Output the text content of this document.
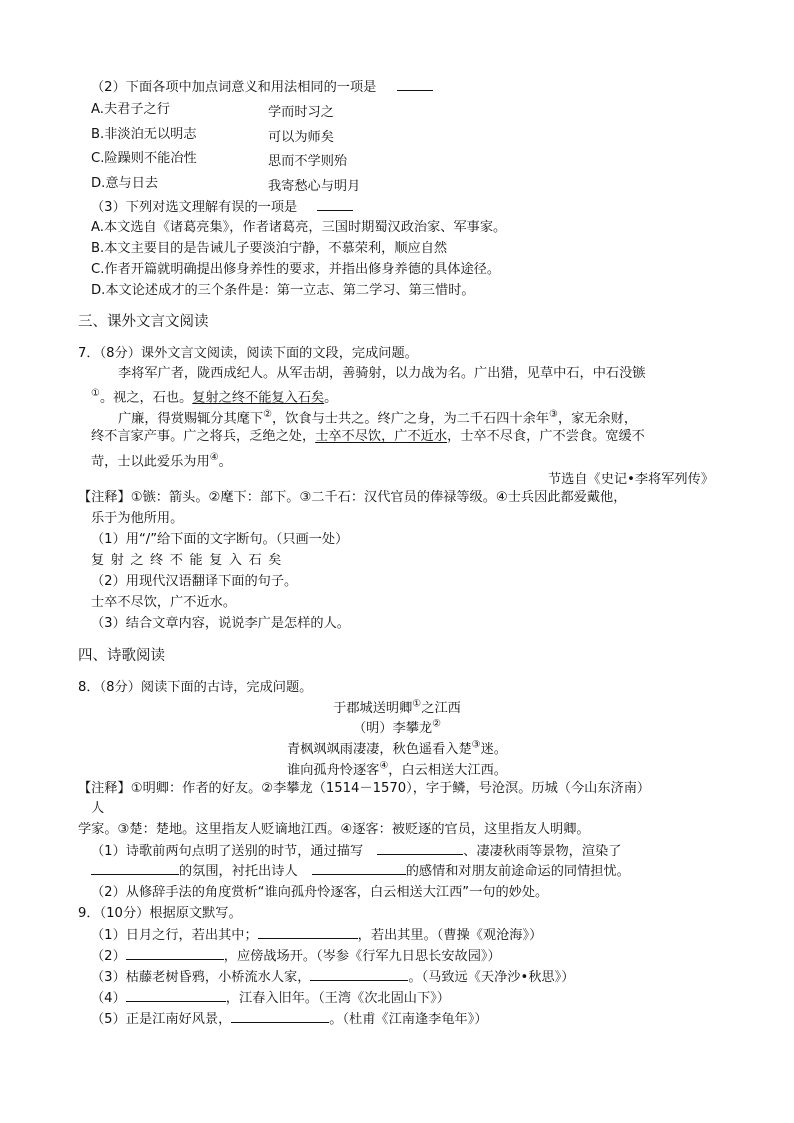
（2）下面各项中加点词意义和用法相同的一项是
A.夫君子之行	学而时习之
B.非淡泊无以明志	可以为师矣
C.险躁则不能冶性	思而不学则殆
D.意与日去	我寄愁心与明月
（3）下列对选文理解有误的一项是
A.本文选自《诸葛亮集》，作者诸葛亮，三国时期蜀汉政治家、军事家。
B.本文主要目的是告诫儿子要淡泊宁静，不慕荣利，顺应自然
C.作者开篇就明确提出修身养性的要求，并指出修身养德的具体途径。
D.本文论述成才的三个条件是：第一立志、第二学习、第三惜时。
三、课外文言文阅读
7．（8分）课外文言文阅读，阅读下面的文段，完成问题。
李将军广者，陇西成纪人。从军击胡，善骑射，以力战为名。广出猎，见草中石，中石没镞
①。视之，石也。复射之终不能复入石矣。
广廉，得赏赐辄分其麾下②，饮食与士共之。终广之身，为二千石四十余年③，家无余财，
终不言家产事。广之将兵，乏绝之处，士卒不尽饮，广不近水，士卒不尽食，广不尝食。宽缓不
苛，士以此爱乐为用④。
节选自《史记•李将军列传》
【注释】①镞：箭头。②麾下：部下。③二千石：汉代官员的俸禄等级。④士兵因此都爱戴他，
乐于为他所用。
（1）用“/”给下面的文字断句。（只画一处）
复射之终不能复入石矣
（2）用现代汉语翻译下面的句子。
士卒不尽饮，广不近水。
（3）结合文章内容，说说李广是怎样的人。
四、诗歌阅读
8．（8分）阅读下面的古诗，完成问题。
于郡城送明卿①之江西
（明）李攀龙②
青枫飒飒雨凄凄，秋色遥看入楚③迷。
谁向孤舟怜逐客④，白云相送大江西。
【注释】①明卿：作者的好友。②李攀龙（1514－1570），字于鳞，号沧溟。历城（今山东济南）
人
学家。③楚：楚地。这里指友人贬谪地江西。④逐客：被贬逐的官员，这里指友人明卿。
（1）诗歌前两句点明了送别的时节，通过描写	、凄凄秋雨等景物，渲染了
的氛围，衬托出诗人	的感情和对朋友前途命运的同情担忧。
（2）从修辞手法的角度赏析“谁向孤舟怜逐客，白云相送大江西”一句的妙处。
9．（10分）根据原文默写。
（1）日月之行，若出其中；	，若出其里。（曹操《观沧海》）
（2）	，应傍战场开。（岑参《行军九日思长安故园》）
（3）枯藤老树昏鸦，小桥流水人家，	。（马致远《天净沙•秋思》）
（4）	，江春入旧年。（王湾《次北固山下》）
（5）正是江南好风景，	。（杜甫《江南逢李龟年》）
